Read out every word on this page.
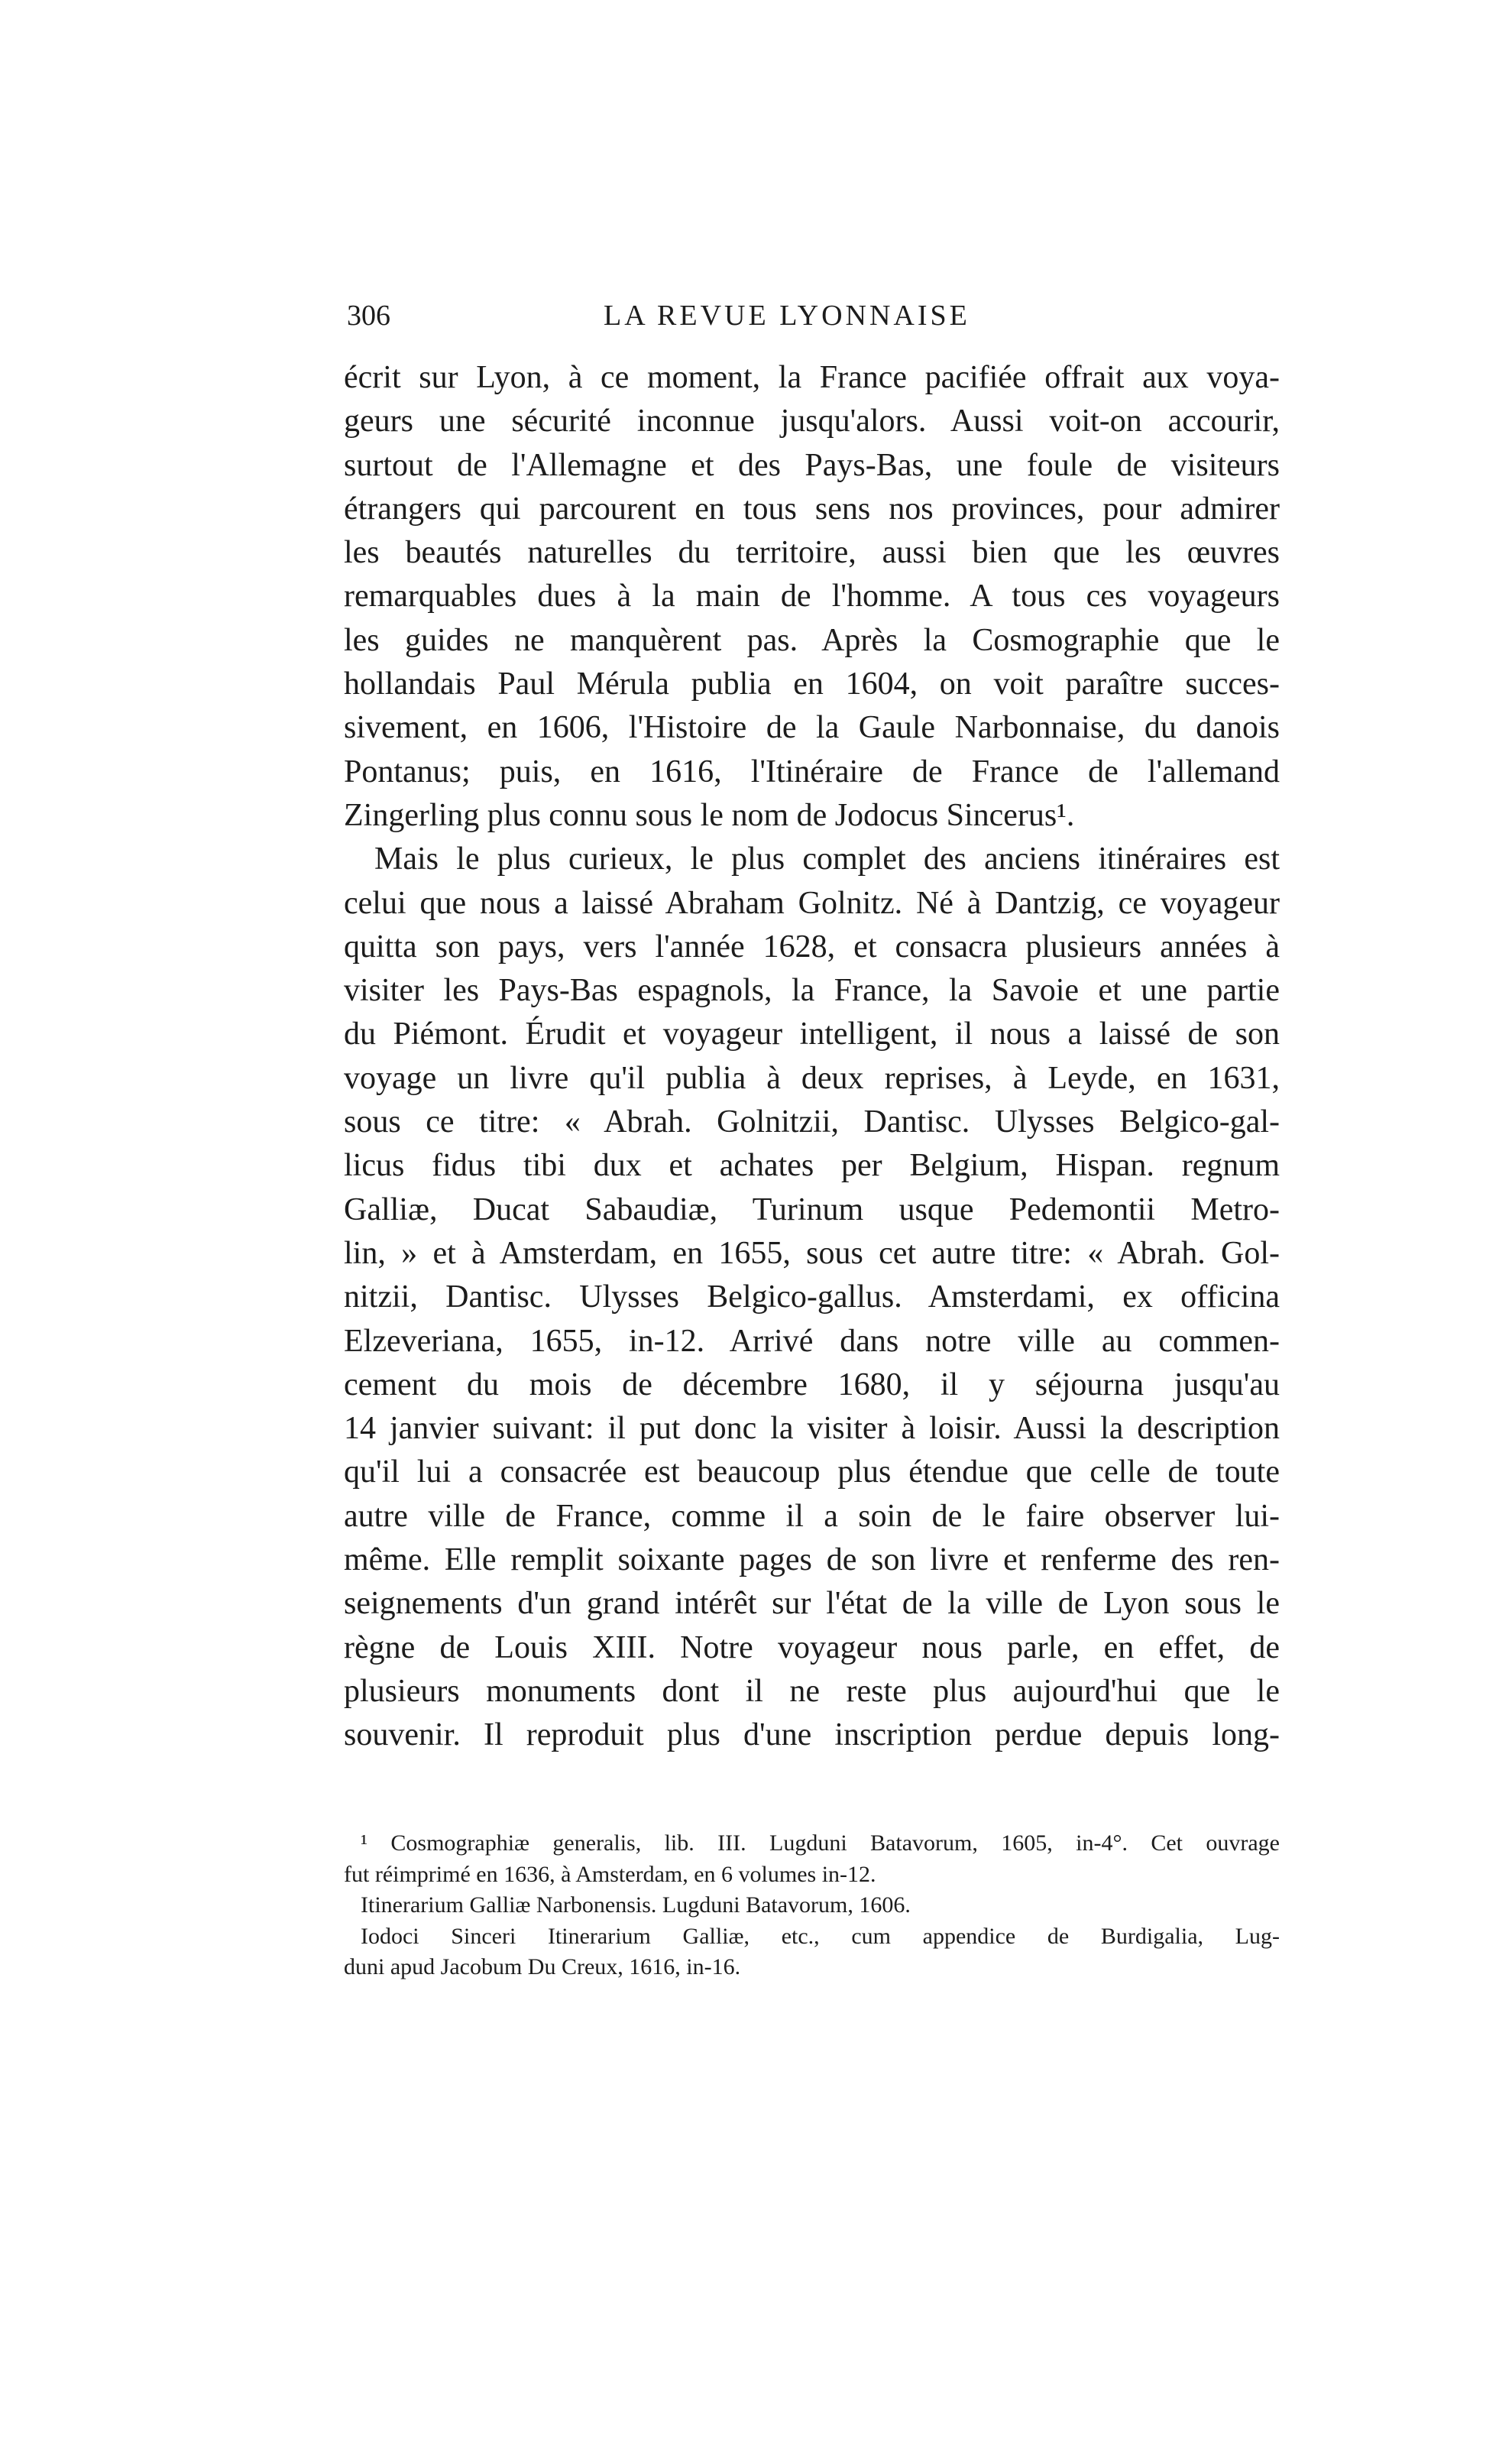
306	LA REVUE LYONNAISE
écrit sur Lyon, à ce moment, la France pacifiée offrait aux voya-
geurs une sécurité inconnue jusqu'alors. Aussi voit-on accourir,
surtout de l'Allemagne et des Pays-Bas, une foule de visiteurs
étrangers qui parcourent en tous sens nos provinces, pour admirer
les beautés naturelles du territoire, aussi bien que les œuvres
remarquables dues à la main de l'homme. A tous ces voyageurs
les guides ne manquèrent pas. Après la Cosmographie que le
hollandais Paul Mérula publia en 1604, on voit paraître succes-
sivement, en 1606, l'Histoire de la Gaule Narbonnaise, du danois
Pontanus; puis, en 1616, l'Itinéraire de France de l'allemand
Zingerling plus connu sous le nom de Jodocus Sincerus¹.
Mais le plus curieux, le plus complet des anciens itinéraires est
celui que nous a laissé Abraham Golnitz. Né à Dantzig, ce voyageur
quitta son pays, vers l'année 1628, et consacra plusieurs années à
visiter les Pays-Bas espagnols, la France, la Savoie et une partie
du Piémont. Érudit et voyageur intelligent, il nous a laissé de son
voyage un livre qu'il publia à deux reprises, à Leyde, en 1631,
sous ce titre: « Abrah. Golnitzii, Dantisc. Ulysses Belgico-gal-
licus fidus tibi dux et achates per Belgium, Hispan. regnum
Galliæ, Ducat Sabaudiæ, Turinum usque Pedemontii Metro-
lin, » et à Amsterdam, en 1655, sous cet autre titre: « Abrah. Gol-
nitzii, Dantisc. Ulysses Belgico-gallus. Amsterdami, ex officina
Elzeveriana, 1655, in-12. Arrivé dans notre ville au commen-
cement du mois de décembre 1680, il y séjourna jusqu'au
14 janvier suivant: il put donc la visiter à loisir. Aussi la description
qu'il lui a consacrée est beaucoup plus étendue que celle de toute
autre ville de France, comme il a soin de le faire observer lui-
même. Elle remplit soixante pages de son livre et renferme des ren-
seignements d'un grand intérêt sur l'état de la ville de Lyon sous le
règne de Louis XIII. Notre voyageur nous parle, en effet, de
plusieurs monuments dont il ne reste plus aujourd'hui que le
souvenir. Il reproduit plus d'une inscription perdue depuis long-
¹ Cosmographiæ generalis, lib. III. Lugduni Batavorum, 1605, in-4°. Cet ouvrage
fut réimprimé en 1636, à Amsterdam, en 6 volumes in-12.
Itinerarium Galliæ Narbonensis. Lugduni Batavorum, 1606.
Iodoci Sinceri Itinerarium Galliæ, etc., cum appendice de Burdigalia, Lug-
duni apud Jacobum Du Creux, 1616, in-16.
